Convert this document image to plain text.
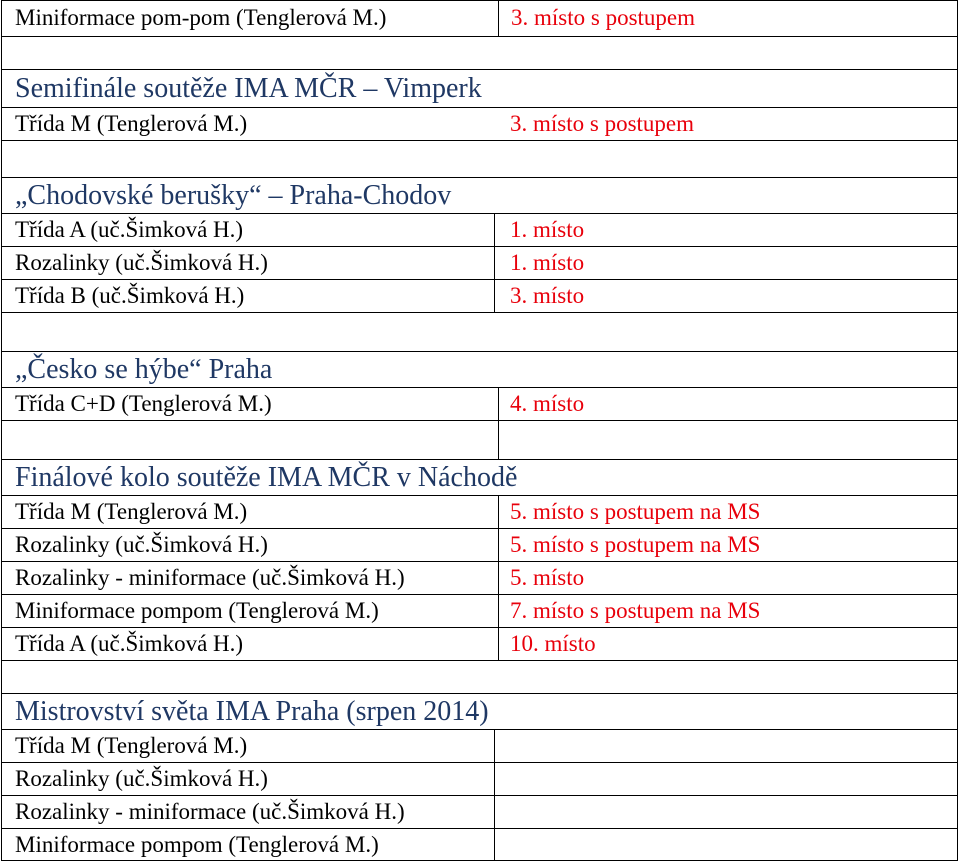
Miniformace pom-pom (Tenglerová M.)	3. místo s postupem
Semifinále soutěže IMA MČR – Vimperk
Třída M (Tenglerová M.)	3. místo s postupem
„Chodovské berušky“ – Praha-Chodov
Třída A (uč.Šimková H.)	1. místo
Rozalinky (uč.Šimková H.)	1. místo
Třída B (uč.Šimková H.)	3. místo
„Česko se hýbe“ Praha
Třída C+D (Tenglerová M.)	4. místo
Finálové kolo soutěže IMA MČR v Náchodě
Třída M (Tenglerová M.)	5. místo s postupem na MS
Rozalinky (uč.Šimková H.)	5. místo s postupem na MS
Rozalinky - miniformace (uč.Šimková H.)	5. místo
Miniformace pompom (Tenglerová M.)	7. místo s postupem na MS
Třída A (uč.Šimková H.)	10. místo
Mistrovství světa IMA Praha (srpen 2014)
Třída M (Tenglerová M.)
Rozalinky (uč.Šimková H.)
Rozalinky - miniformace (uč.Šimková H.)
Miniformace pompom (Tenglerová M.)
